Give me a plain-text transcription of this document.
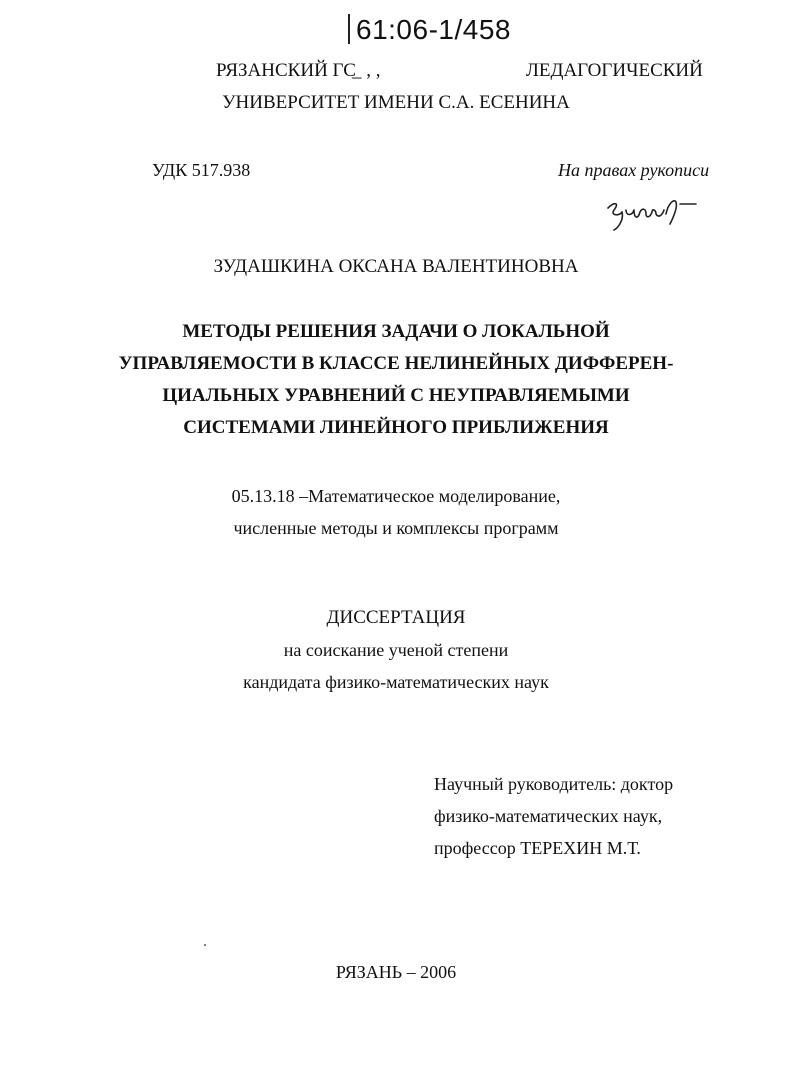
61:06-1/458
РЯЗАНСКИЙ ГС
_ , ,	ЛЕДАГОГИЧЕСКИЙ
УНИВЕРСИТЕТ ИМЕНИ С.А. ЕСЕНИНА
УДК 517.938	На правах рукописи
ЗУДАШКИНА ОКСАНА ВАЛЕНТИНОВНА
МЕТОДЫ РЕШЕНИЯ ЗАДАЧИ О ЛОКАЛЬНОЙ
УПРАВЛЯЕМОСТИ В КЛАССЕ НЕЛИНЕЙНЫХ ДИФФЕРЕН-
ЦИАЛЬНЫХ УРАВНЕНИЙ С НЕУПРАВЛЯЕМЫМИ
СИСТЕМАМИ ЛИНЕЙНОГО ПРИБЛИЖЕНИЯ
05.13.18 –Математическое моделирование,
численные методы и комплексы программ
ДИССЕРТАЦИЯ
на соискание ученой степени
кандидата физико-математических наук
Научный руководитель: доктор
физико-математических наук,
профессор ТЕРЕХИН М.Т.
РЯЗАНЬ – 2006
